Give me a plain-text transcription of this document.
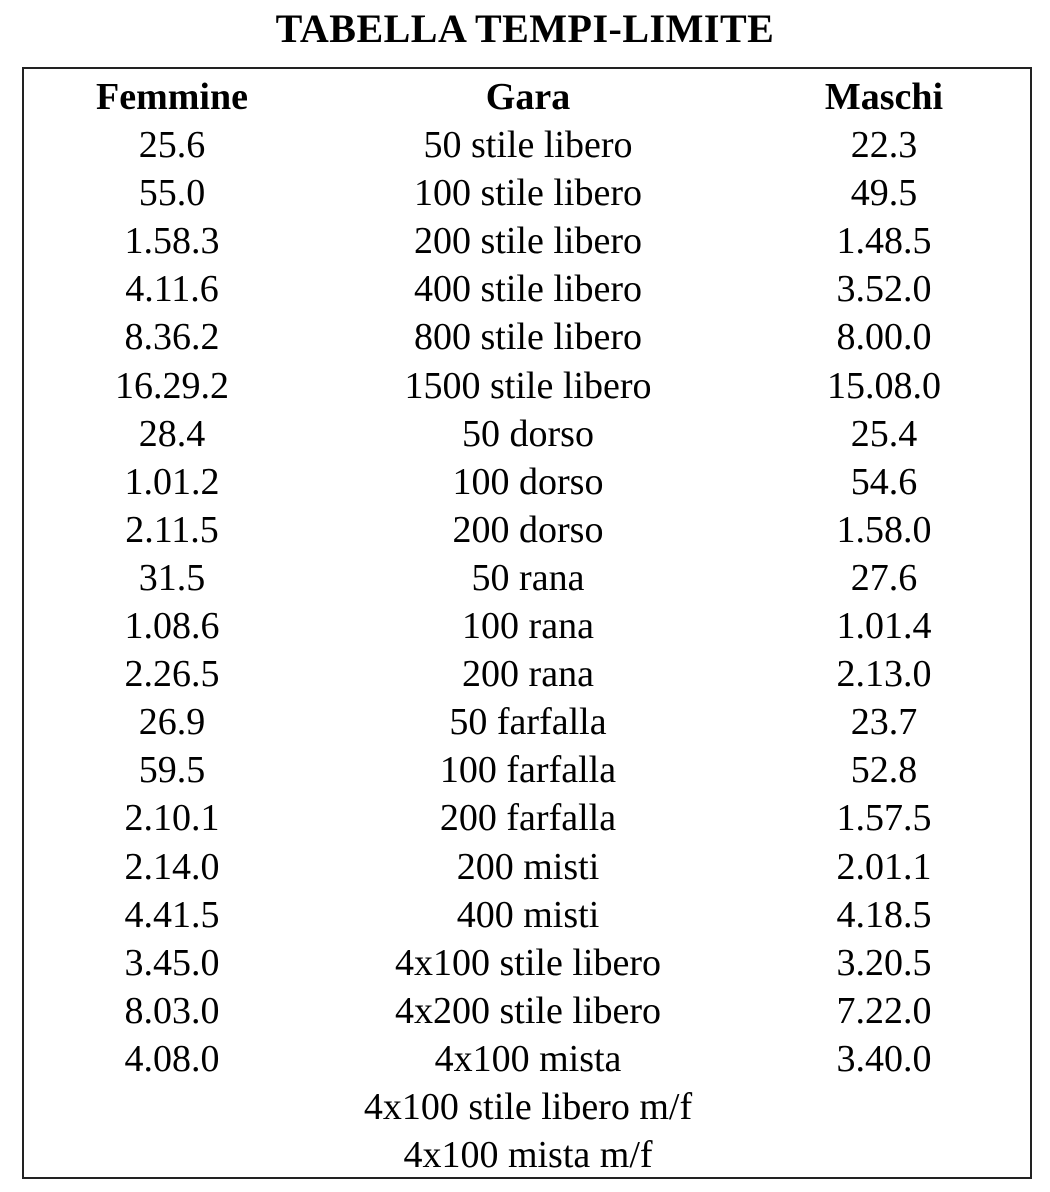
TABELLA TEMPI-LIMITE
Femmine	Gara	Maschi
25.6	50 stile libero	22.3
55.0	100 stile libero	49.5
1.58.3	200 stile libero	1.48.5
4.11.6	400 stile libero	3.52.0
8.36.2	800 stile libero	8.00.0
16.29.2	1500 stile libero	15.08.0
28.4	50 dorso	25.4
1.01.2	100 dorso	54.6
2.11.5	200 dorso	1.58.0
31.5	50 rana	27.6
1.08.6	100 rana	1.01.4
2.26.5	200 rana	2.13.0
26.9	50 farfalla	23.7
59.5	100 farfalla	52.8
2.10.1	200 farfalla	1.57.5
2.14.0	200 misti	2.01.1
4.41.5	400 misti	4.18.5
3.45.0	4x100 stile libero	3.20.5
8.03.0	4x200 stile libero	7.22.0
4.08.0	4x100 mista	3.40.0
4x100 stile libero m/f
4x100 mista m/f
